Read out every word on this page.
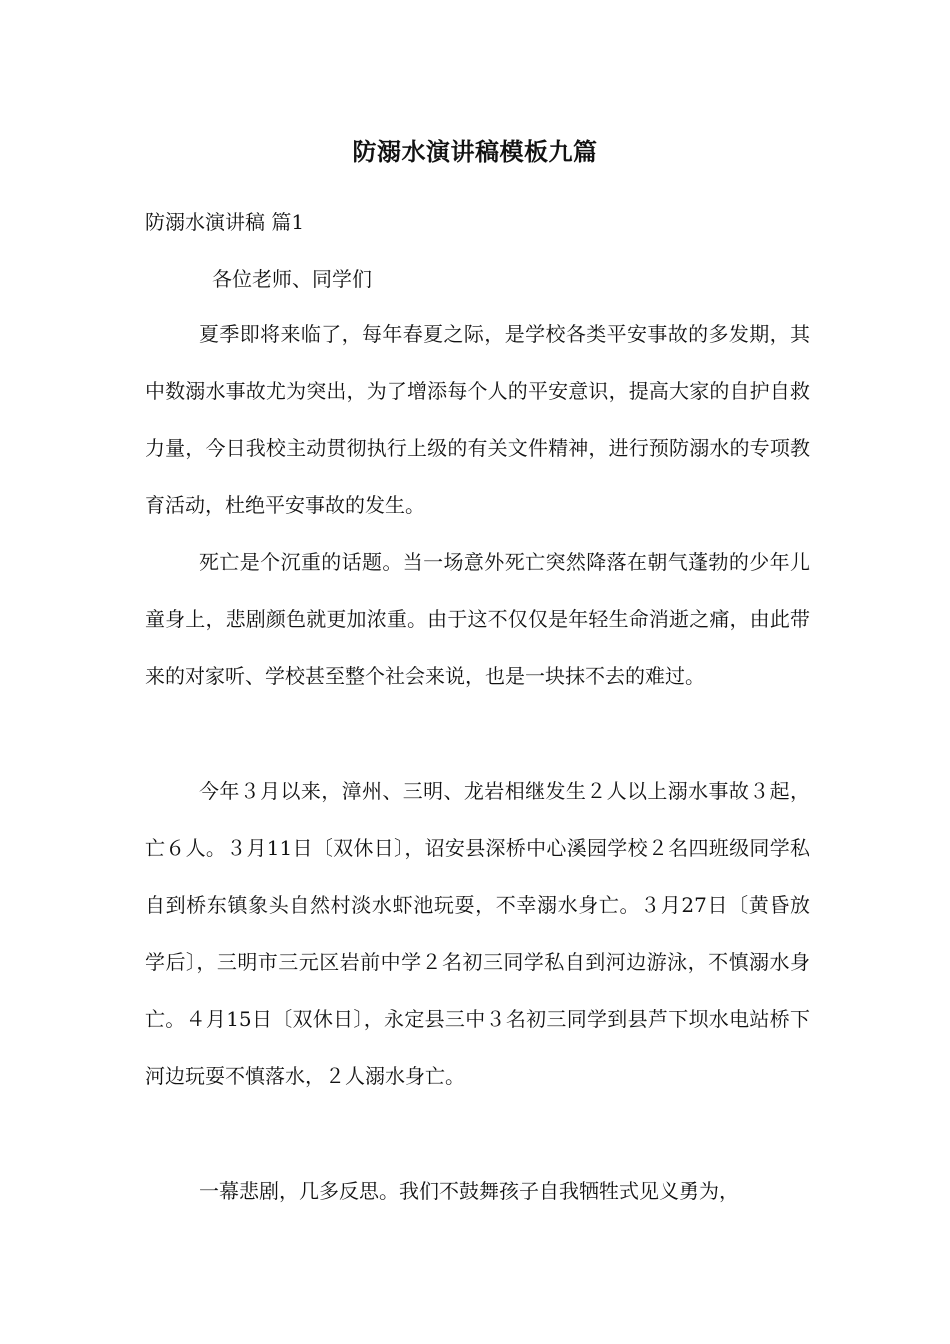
防溺水演讲稿模板九篇

防溺水演讲稿 篇1

各位老师、同学们

夏季即将来临了，每年春夏之际，是学校各类平安事故的多发期，其中数溺水事故尤为突出，为了增添每个人的平安意识，提高大家的自护自救力量，今日我校主动贯彻执行上级的有关文件精神，进行预防溺水的专项教育活动，杜绝平安事故的发生。

死亡是个沉重的话题。当一场意外死亡突然降落在朝气蓬勃的少年儿童身上，悲剧颜色就更加浓重。由于这不仅仅是年轻生命消逝之痛，由此带来的对家听、学校甚至整个社会来说，也是一块抹不去的难过。

今年３月以来，漳州、三明、龙岩相继发生２人以上溺水事故３起，亡６人。３月11日〔双休日〕，诏安县深桥中心溪园学校２名四班级同学私自到桥东镇象头自然村淡水虾池玩耍，不幸溺水身亡。３月27日〔黄昏放学后〕，三明市三元区岩前中学２名初三同学私自到河边游泳，不慎溺水身亡。４月15日〔双休日〕，永定县三中３名初三同学到县芦下坝水电站桥下河边玩耍不慎落水，２人溺水身亡。

一幕悲剧，几多反思。我们不鼓舞孩子自我牺牲式见义勇为，
